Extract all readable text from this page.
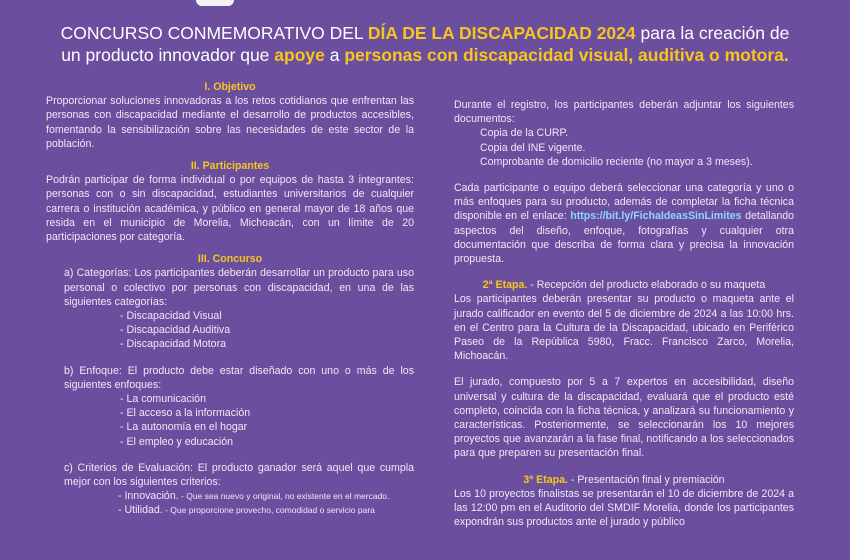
CONCURSO CONMEMORATIVO DEL DÍA DE LA DISCAPACIDAD 2024 para la creación de
un producto innovador que apoye a personas con discapacidad visual, auditiva o motora.

I. Objetivo

Proporcionar soluciones innovadoras a los retos cotidianos que enfrentan las personas con discapacidad mediante el desarrollo de productos accesibles, fomentando la sensibilización sobre las necesidades de este sector de la población.

II. Participantes

Podrán participar de forma individual o por equipos de hasta 3 integrantes: personas con o sin discapacidad, estudiantes universitarios de cualquier carrera o institución académica, y público en general mayor de 18 años que resida en el municipio de Morelia, Michoacán, con un límite de 20 participaciones por categoría.

III. Concurso

a) Categorías: Los participantes deberán desarrollar un producto para uso personal o colectivo por personas con discapacidad, en una de las siguientes categorías:

- Discapacidad Visual

- Discapacidad Auditiva

- Discapacidad Motora

b) Enfoque: El producto debe estar diseñado con uno o más de los siguientes enfoques:

- La comunicación

- El acceso a la información

- La autonomía en el hogar

- El empleo y educación

c) Criterios de Evaluación: El producto ganador será aquel que cumpla mejor con los siguientes criterios:

- Innovación. - Que sea nuevo y original, no existente en el mercado.

- Utilidad. - Que proporcione provecho, comodidad o servicio para

Durante el registro, los participantes deberán adjuntar los siguientes documentos:

Copia de la CURP.

Copia del INE vigente.

Comprobante de domicilio reciente (no mayor a 3 meses).

Cada participante o equipo deberá seleccionar una categoría y uno o más enfoques para su producto, además de completar la ficha técnica disponible en el enlace: https://bit.ly/FichaIdeasSinLimites detallando aspectos del diseño, enfoque, fotografías y cualquier otra documentación que describa de forma clara y precisa la innovación propuesta.

2ª Etapa. - Recepción del producto elaborado o su maqueta

Los participantes deberán presentar su producto o maqueta ante el jurado calificador en evento del 5 de diciembre de 2024 a las 10:00 hrs. en el Centro para la Cultura de la Discapacidad, ubicado en Periférico Paseo de la República 5980, Fracc. Francisco Zarco, Morelia, Michoacán.

El jurado, compuesto por 5 a 7 expertos en accesibilidad, diseño universal y cultura de la discapacidad, evaluará que el producto esté completo, coincida con la ficha técnica, y analizará su funcionamiento y características. Posteriormente, se seleccionarán los 10 mejores proyectos que avanzarán a la fase final, notificando a los seleccionados para que preparen su presentación final.

3ª Etapa. - Presentación final y premiación

Los 10 proyectos finalistas se presentarán el 10 de diciembre de 2024 a las 12:00 pm en el Auditorio del SMDIF Morelia, donde los participantes expondrán sus productos ante el jurado y público
